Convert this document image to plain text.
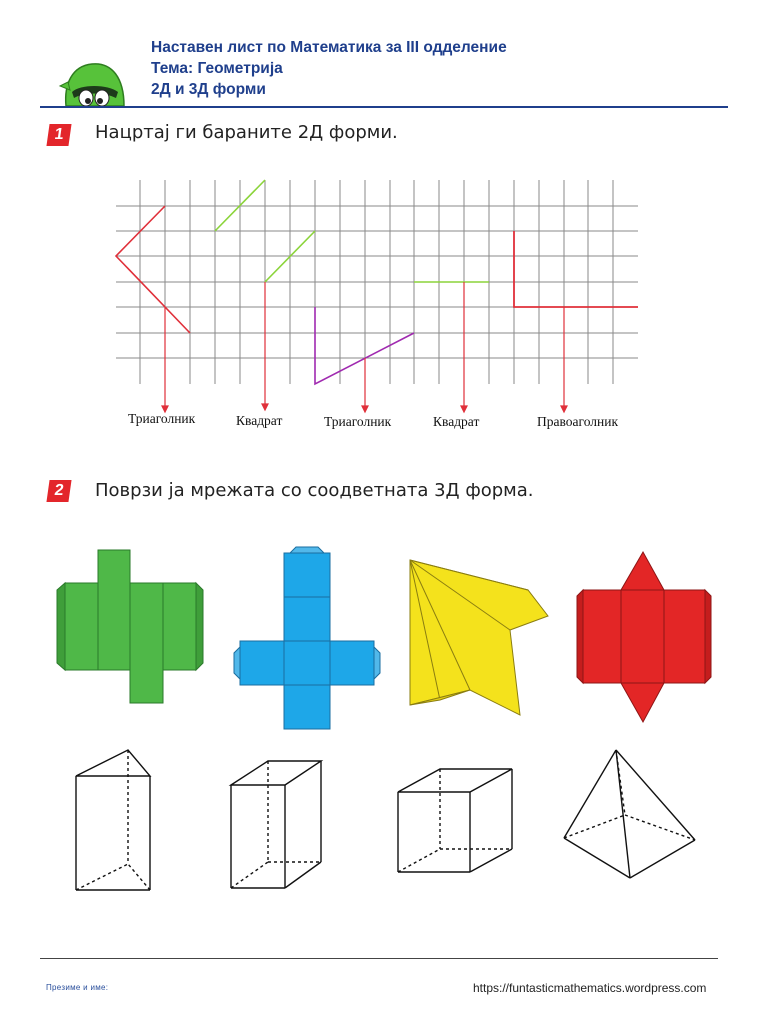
Наставен лист по Математика за III одделение
Тема: Геометрија
2Д и 3Д форми
1	Нацртај ги бараните 2Д форми.
Триаголник	Квадрат	Триаголник	Квадрат	Правоаголник
2	Поврзи ја мрежата со соодветната 3Д форма.
Презиме и име:	https://funtasticmathematics.wordpress.com
